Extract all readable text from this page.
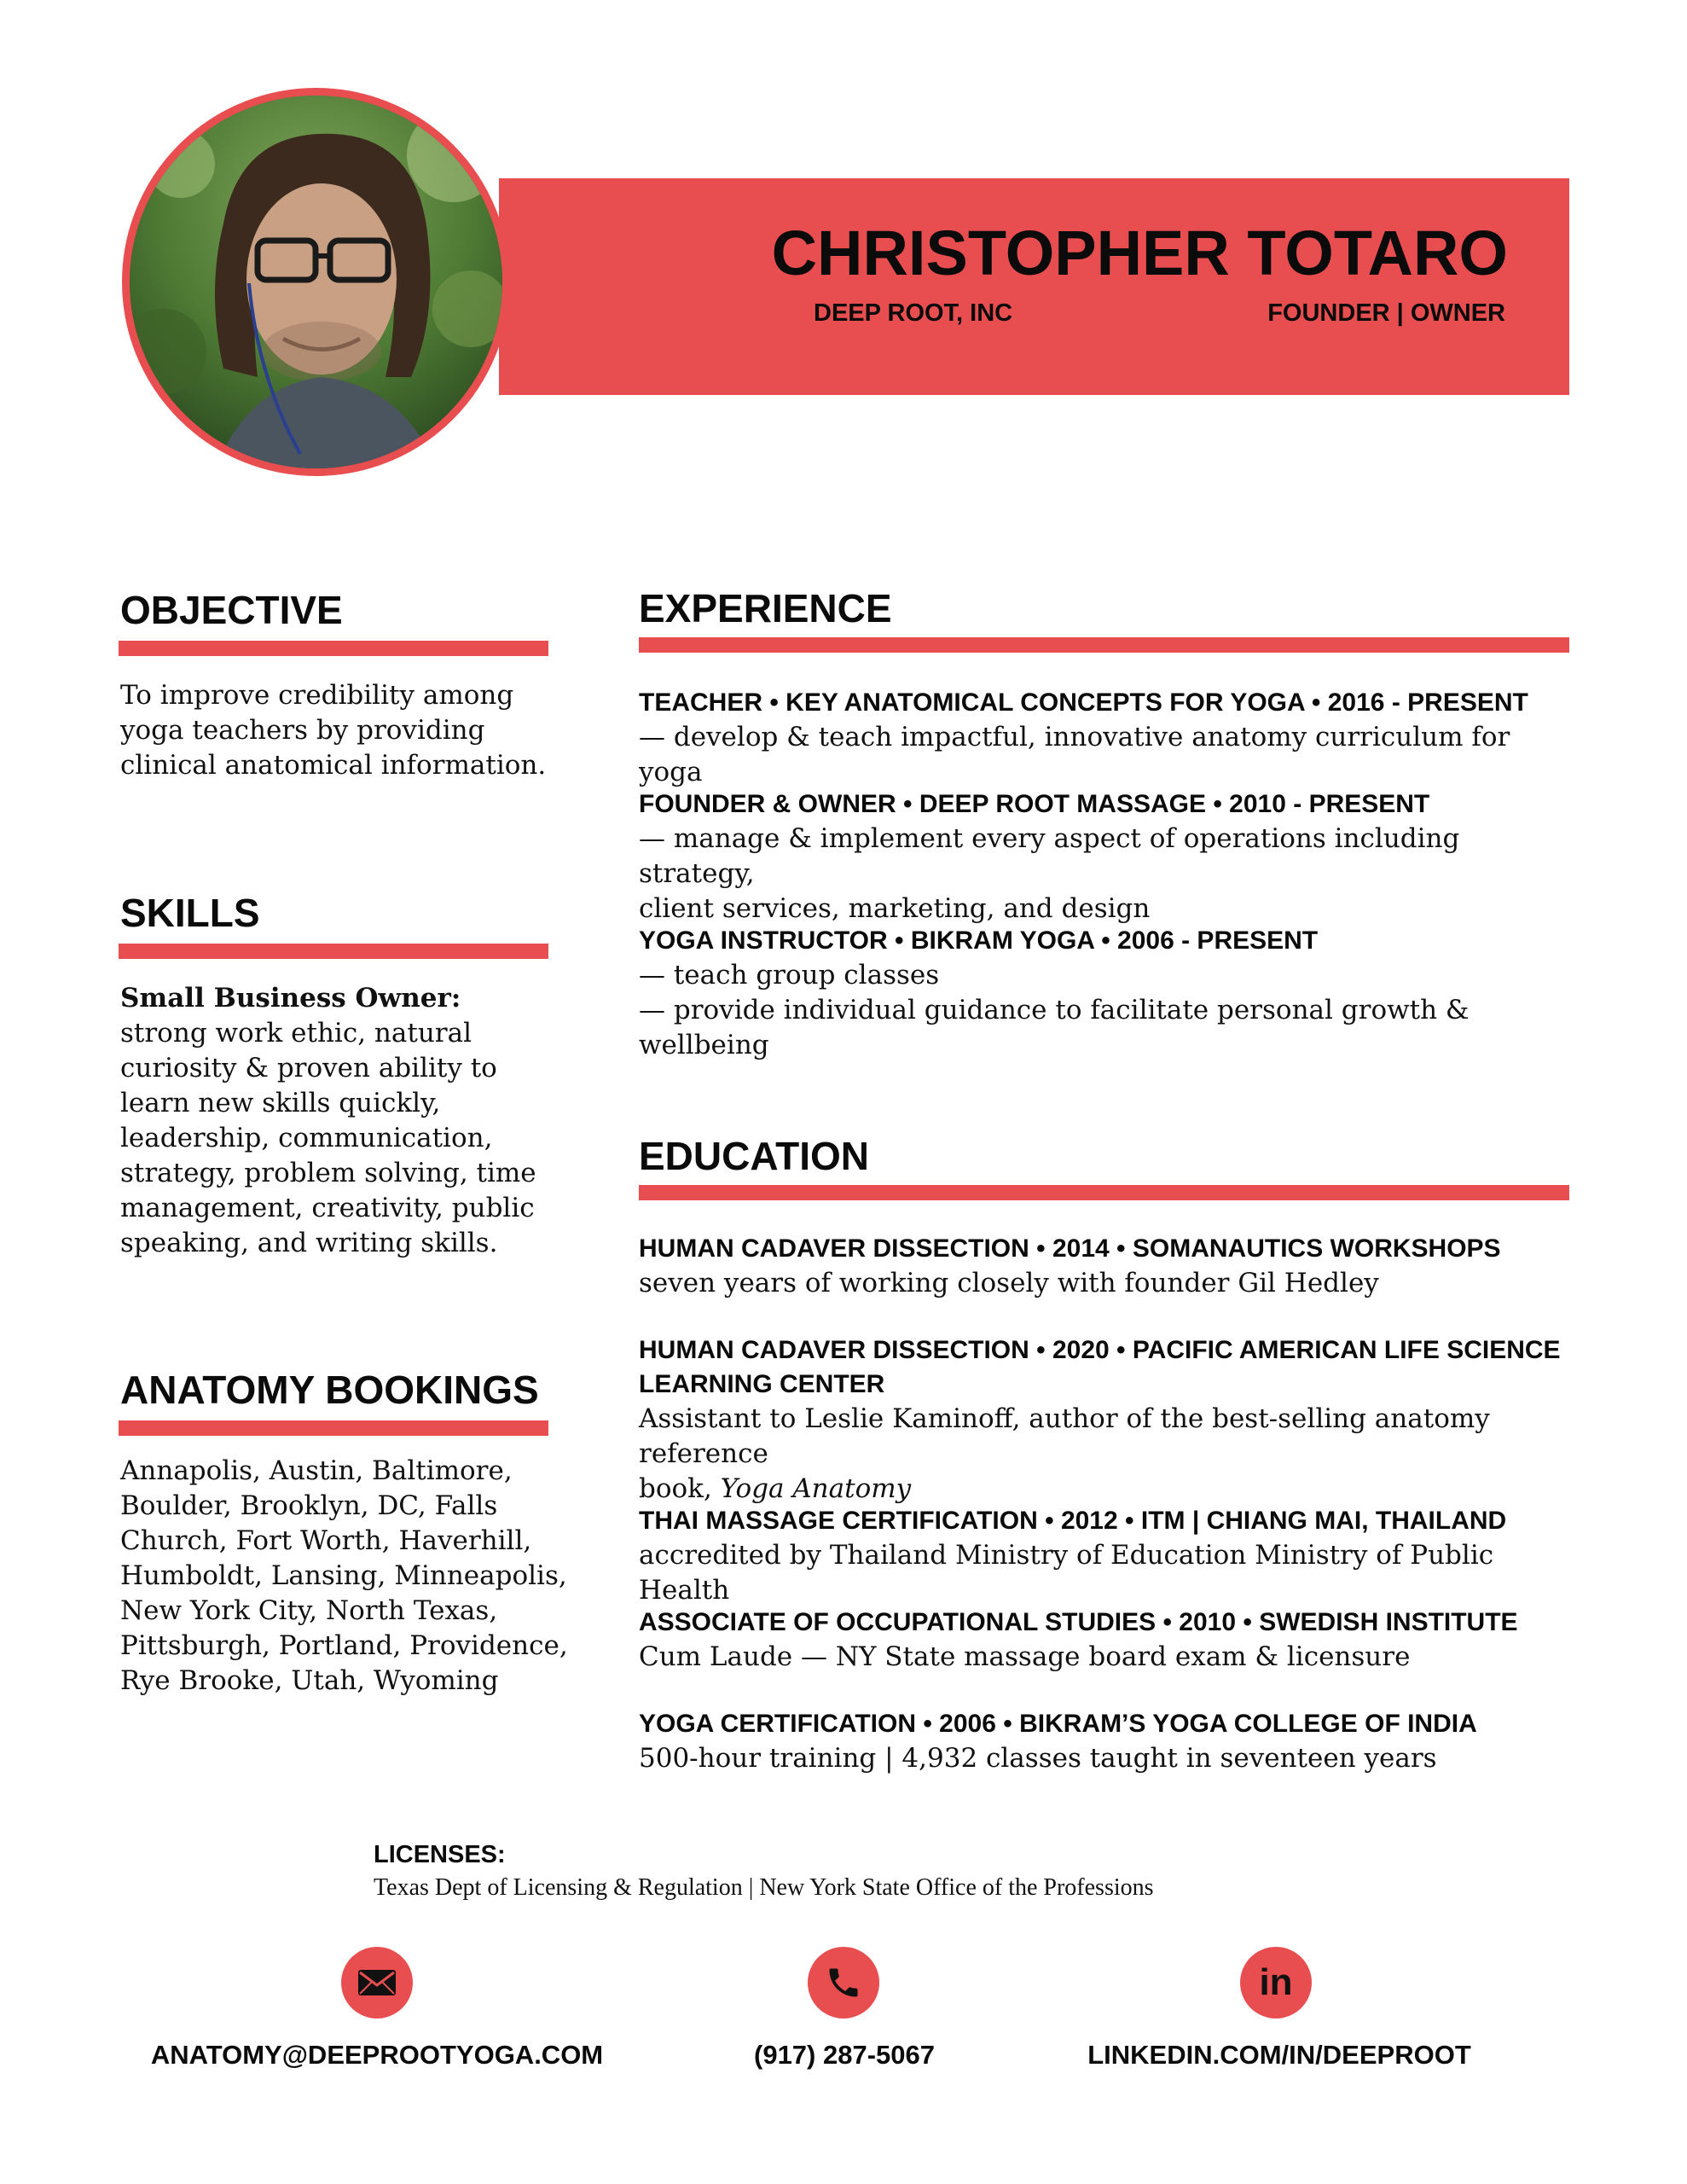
CHRISTOPHER TOTARO
DEEP ROOT, INC	FOUNDER | OWNER
OBJECTIVE
To improve credibility among
yoga teachers by providing
clinical anatomical information.
SKILLS
Small Business Owner:
strong work ethic, natural
curiosity & proven ability to
learn new skills quickly,
leadership, communication,
strategy, problem solving, time
management, creativity, public
speaking, and writing skills.
ANATOMY BOOKINGS
Annapolis, Austin, Baltimore,
Boulder, Brooklyn, DC, Falls
Church, Fort Worth, Haverhill,
Humboldt, Lansing, Minneapolis,
New York City, North Texas,
Pittsburgh, Portland, Providence,
Rye Brooke, Utah, Wyoming
EXPERIENCE
TEACHER • KEY ANATOMICAL CONCEPTS FOR YOGA • 2016 - PRESENT

— develop & teach impactful, innovative anatomy curriculum for yoga

FOUNDER & OWNER • DEEP ROOT MASSAGE • 2010 - PRESENT

— manage & implement every aspect of operations including strategy,

client services, marketing, and design

YOGA INSTRUCTOR • BIKRAM YOGA • 2006 - PRESENT

— teach group classes

— provide individual guidance to facilitate personal growth & wellbeing

EDUCATION
HUMAN CADAVER DISSECTION • 2014 • SOMANAUTICS WORKSHOPS

seven years of working closely with founder Gil Hedley

HUMAN CADAVER DISSECTION • 2020 • PACIFIC AMERICAN LIFE SCIENCE
LEARNING CENTER

Assistant to Leslie Kaminoff, author of the best-selling anatomy reference

book, Yoga Anatomy

THAI MASSAGE CERTIFICATION • 2012 • ITM | CHIANG MAI, THAILAND

accredited by Thailand Ministry of Education Ministry of Public Health

ASSOCIATE OF OCCUPATIONAL STUDIES • 2010 • SWEDISH INSTITUTE

Cum Laude — NY State massage board exam & licensure

YOGA CERTIFICATION • 2006 • BIKRAM’S YOGA COLLEGE OF INDIA

500-hour training | 4,932 classes taught in seventeen years

LICENSES:
Texas Dept of Licensing & Regulation | New York State Office of the Professions
ANATOMY@DEEPROOTYOGA.COM	(917) 287-5067
in
LINKEDIN.COM/IN/DEEPROOT
